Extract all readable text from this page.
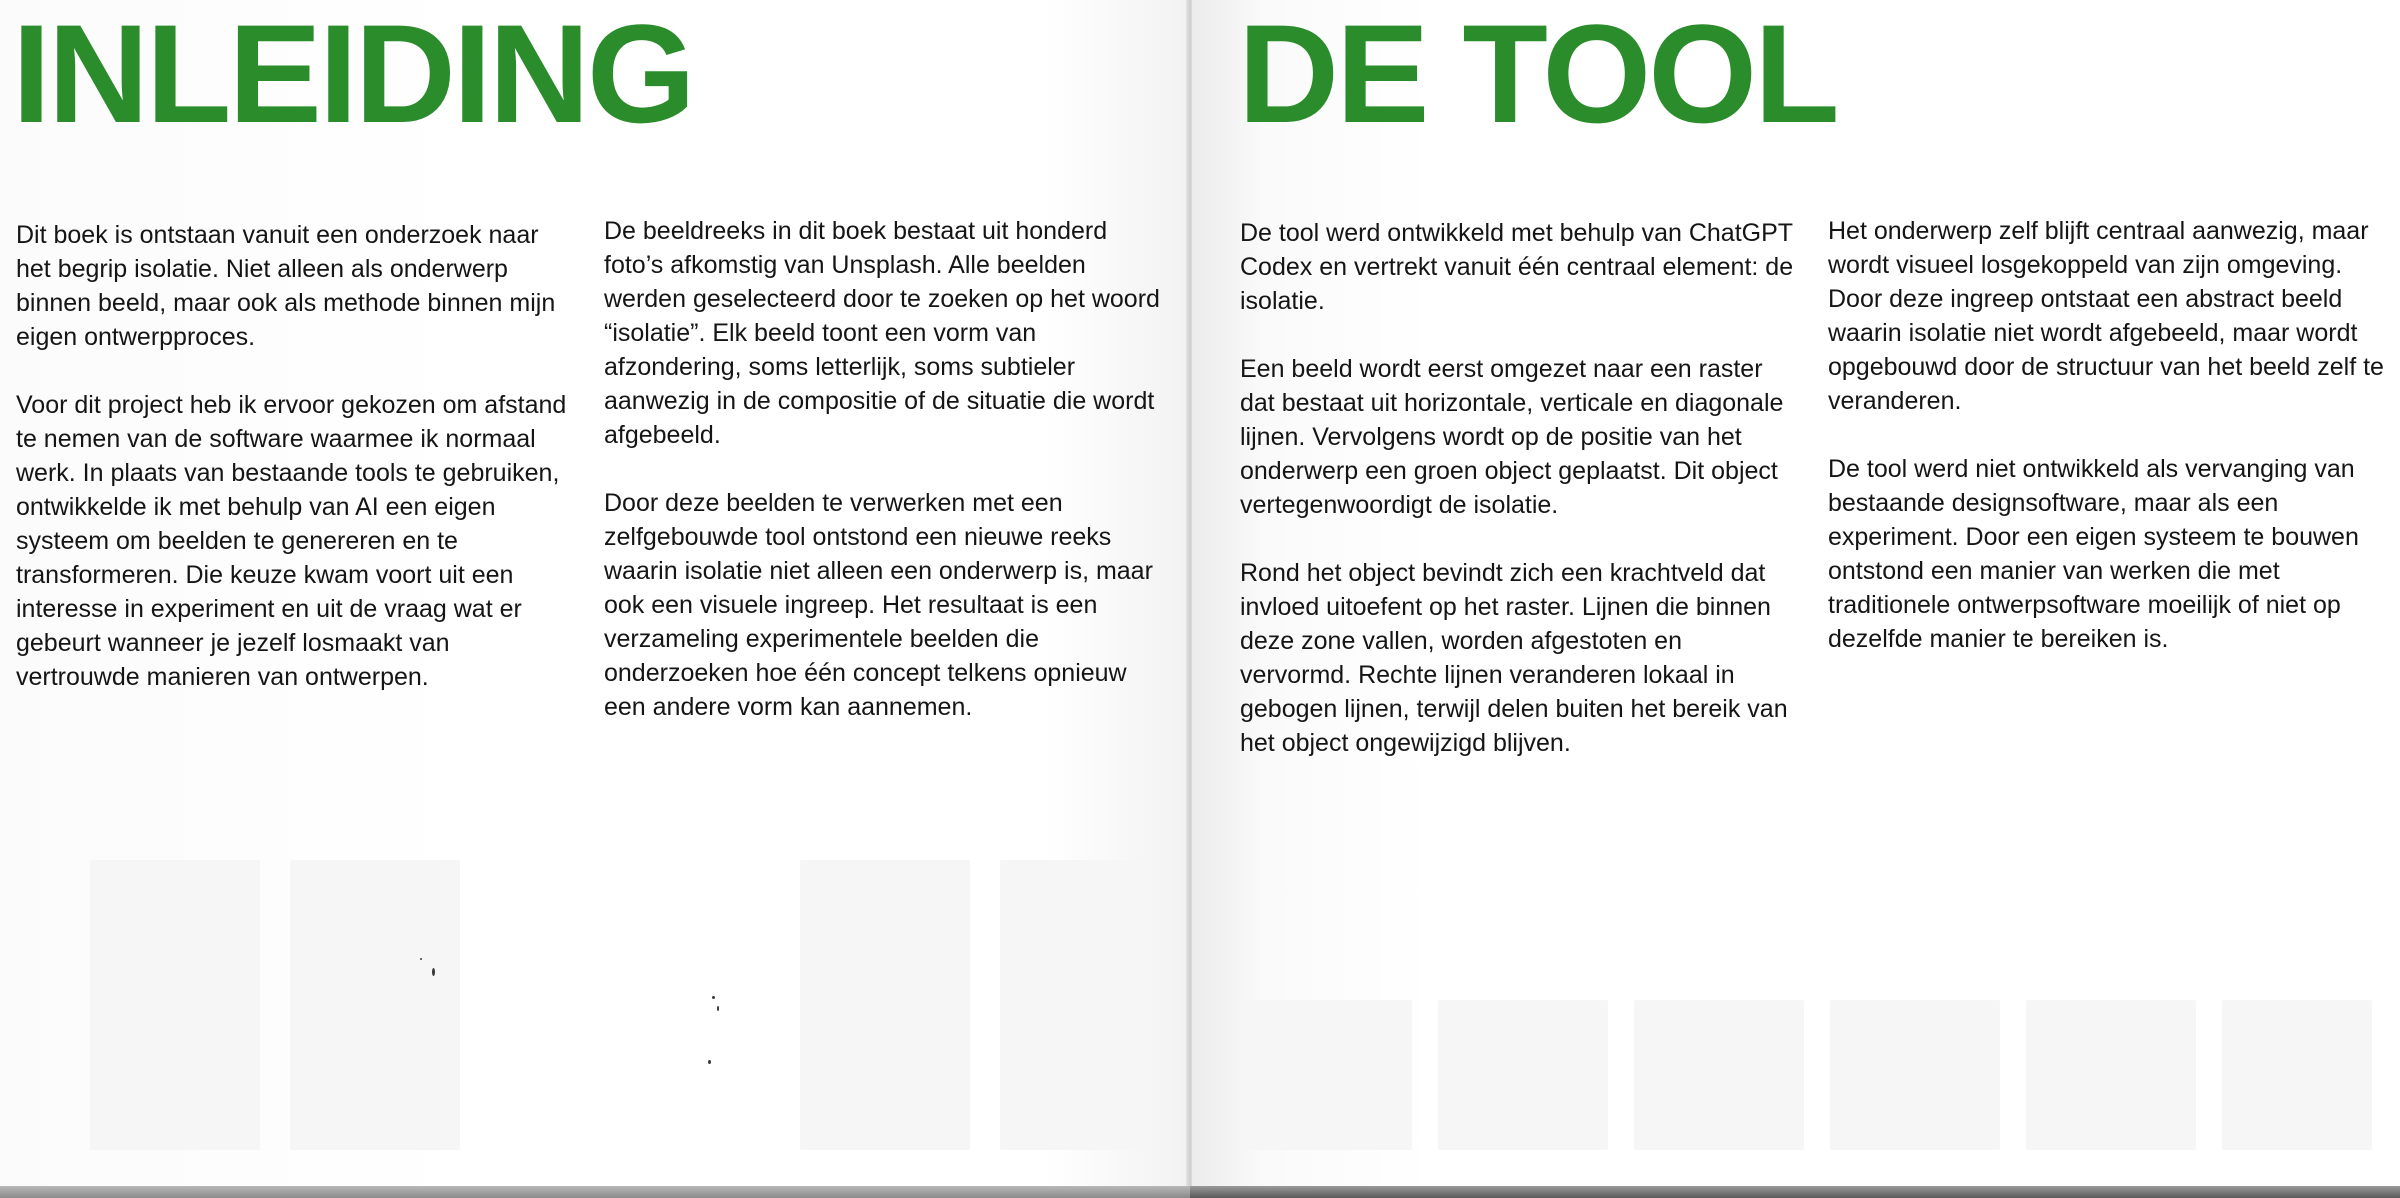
INLEIDING

Dit boek is ontstaan vanuit een onderzoek naar het begrip isolatie. Niet alleen als onderwerp binnen beeld, maar ook als methode binnen mijn eigen ontwerpproces.

Voor dit project heb ik ervoor gekozen om afstand te nemen van de software waarmee ik normaal werk. In plaats van bestaande tools te gebruiken, ontwikkelde ik met behulp van AI een eigen systeem om beelden te genereren en te transformeren. Die keuze kwam voort uit een interesse in experiment en uit de vraag wat er gebeurt wanneer je jezelf losmaakt van vertrouwde manieren van ontwerpen.

De beeldreeks in dit boek bestaat uit honderd foto’s afkomstig van Unsplash. Alle beelden werden geselecteerd door te zoeken op het woord “isolatie”. Elk beeld toont een vorm van afzondering, soms letterlijk, soms subtieler aanwezig in de compositie of de situatie die wordt afgebeeld.

Door deze beelden te verwerken met een zelfgebouwde tool ontstond een nieuwe reeks waarin isolatie niet alleen een onderwerp is, maar ook een visuele ingreep. Het resultaat is een verzameling experimentele beelden die onderzoeken hoe één concept telkens opnieuw een andere vorm kan aannemen.

DE TOOL

De tool werd ontwikkeld met behulp van ChatGPT Codex en vertrekt vanuit één centraal element: de isolatie.

Een beeld wordt eerst omgezet naar een raster dat bestaat uit horizontale, verticale en diagonale lijnen. Vervolgens wordt op de positie van het onderwerp een groen object geplaatst. Dit object vertegenwoordigt de isolatie.

Rond het object bevindt zich een krachtveld dat invloed uitoefent op het raster. Lijnen die binnen deze zone vallen, worden afgestoten en vervormd. Rechte lijnen veranderen lokaal in gebogen lijnen, terwijl delen buiten het bereik van het object ongewijzigd blijven.

Het onderwerp zelf blijft centraal aanwezig, maar wordt visueel losgekoppeld van zijn omgeving. Door deze ingreep ontstaat een abstract beeld waarin isolatie niet wordt afgebeeld, maar wordt opgebouwd door de structuur van het beeld zelf te veranderen.

De tool werd niet ontwikkeld als vervanging van bestaande designsoftware, maar als een experiment. Door een eigen systeem te bouwen ontstond een manier van werken die met traditionele ontwerpsoftware moeilijk of niet op dezelfde manier te bereiken is.
